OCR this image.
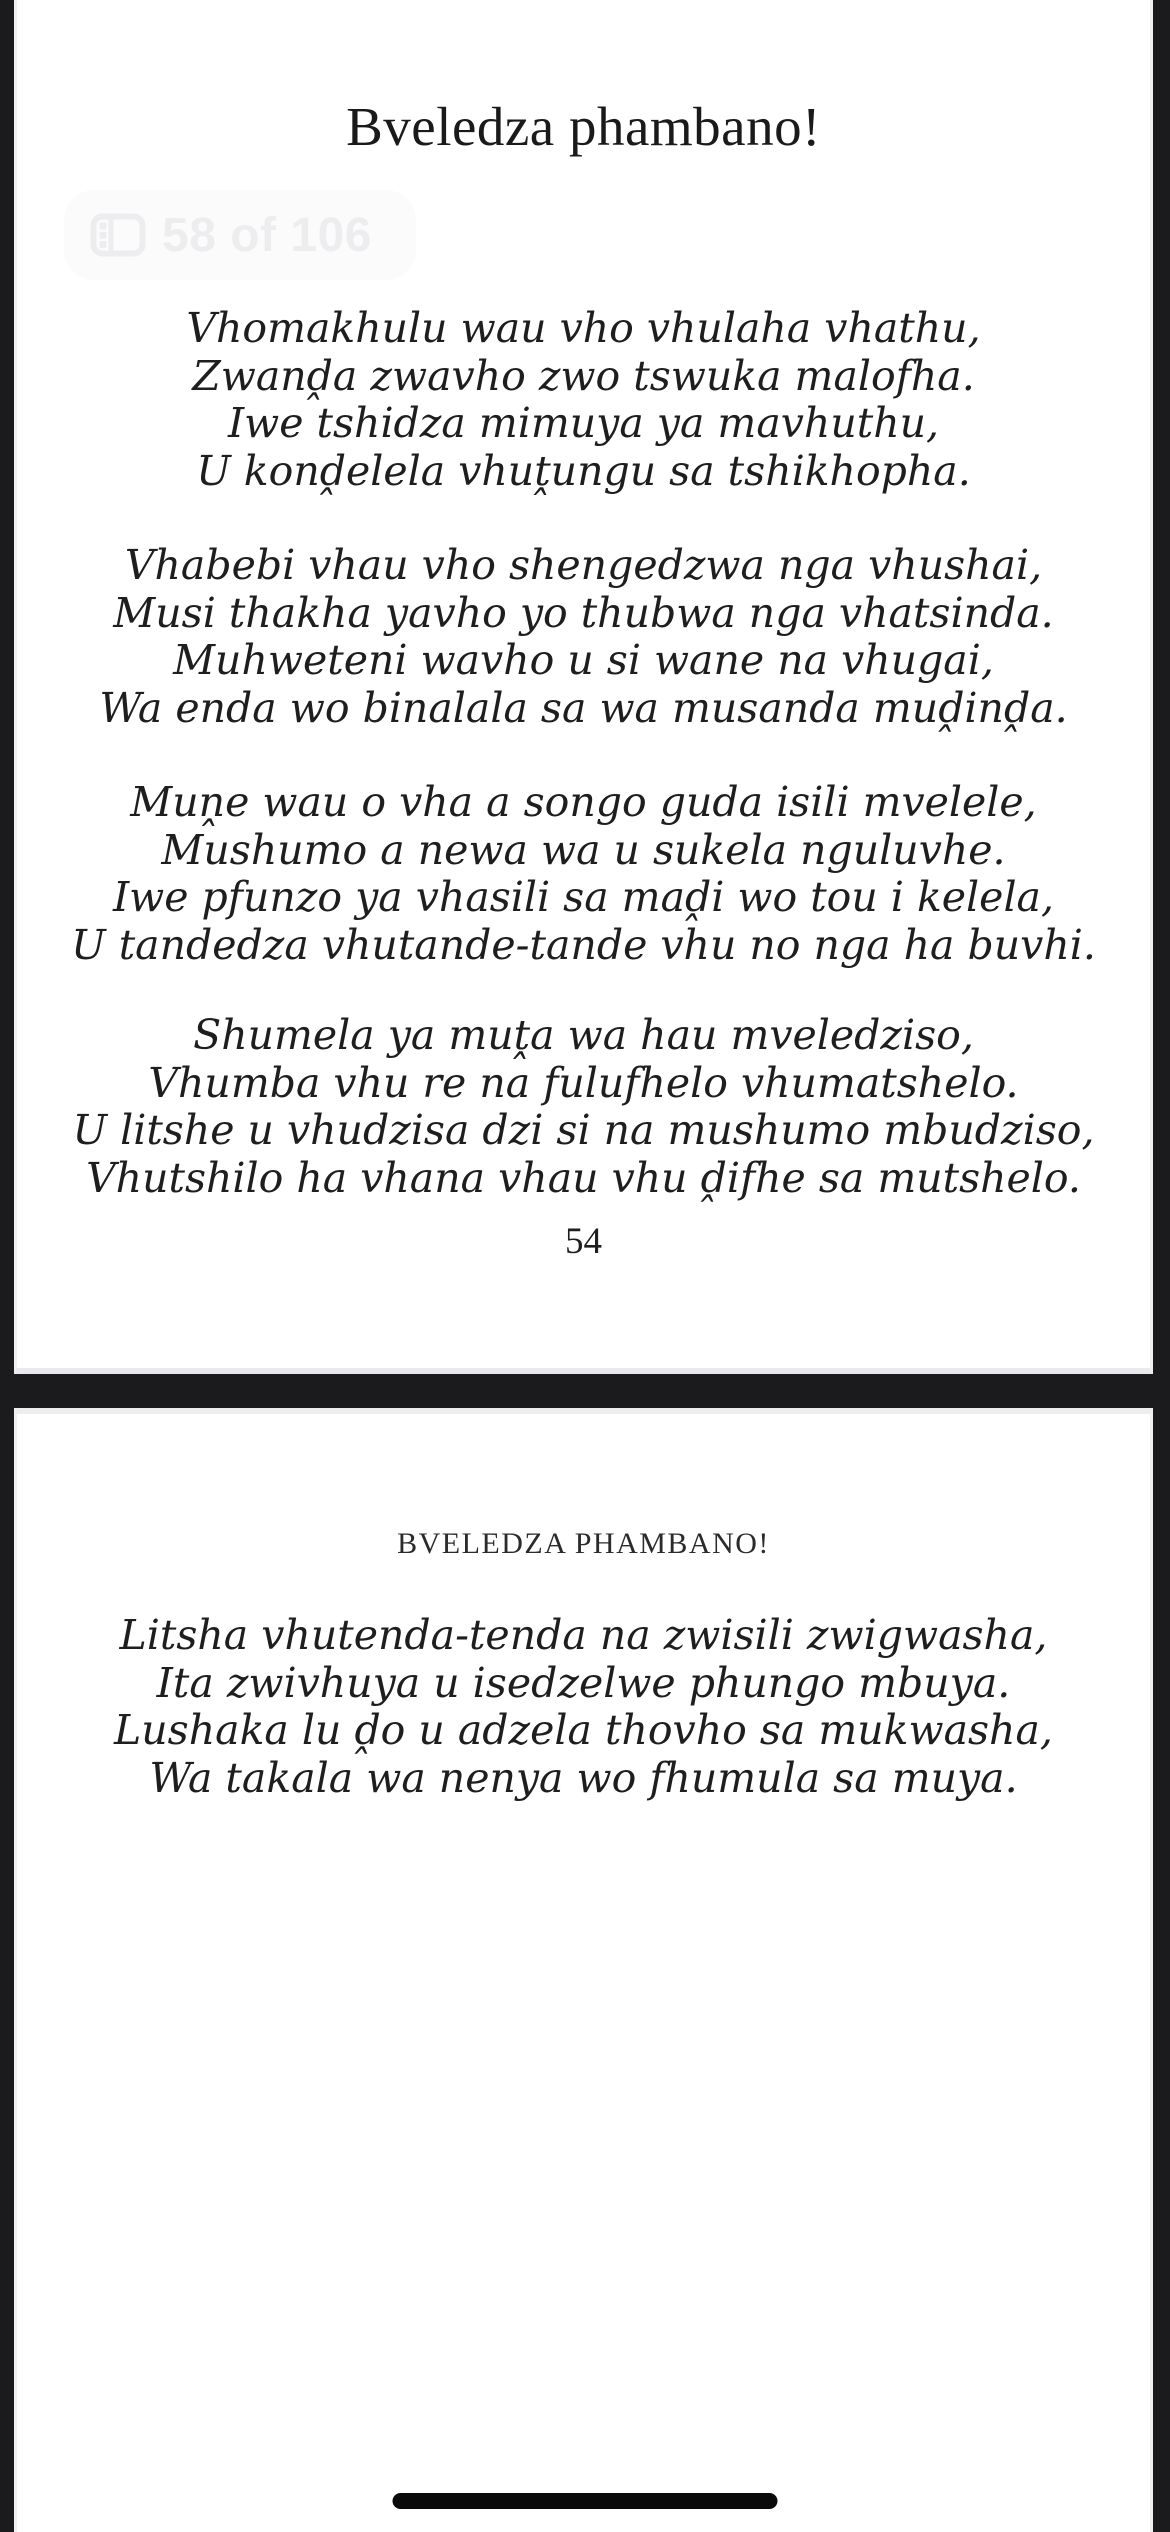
Bveledza phambano!
58 of 106
Vhomakhulu wau vho vhulaha vhathu,
Zwanḓa zwavho zwo tswuka malofha.
Iwe tshidza mimuya ya mavhuthu,
U konḓelela vhuṱungu sa tshikhopha.
Vhabebi vhau vho shengedzwa nga vhushai,
Musi thakha yavho yo thubwa nga vhatsinda.
Muhweteni wavho u si wane na vhugai,
Wa enda wo binalala sa wa musanda muḓinḓa.
Muṋe wau o vha a songo guda isili mvelele,
Mushumo a newa wa u sukela nguluvhe.
Iwe pfunzo ya vhasili sa maḓi wo tou i kelela,
U tandedza vhutande-tande vhu no nga ha buvhi.
Shumela ya muṱa wa hau mveledziso,
Vhumba vhu re na fulufhelo vhumatshelo.
U litshe u vhudzisa dzi si na mushumo mbudziso,
Vhutshilo ha vhana vhau vhu ḓifhe sa mutshelo.
54
BVELEDZA PHAMBANO!
Litsha vhutenda-tenda na zwisili zwigwasha,
Ita zwivhuya u isedzelwe phungo mbuya.
Lushaka lu ḓo u adzela thovho sa mukwasha,
Wa takala wa nenya wo fhumula sa muya.
